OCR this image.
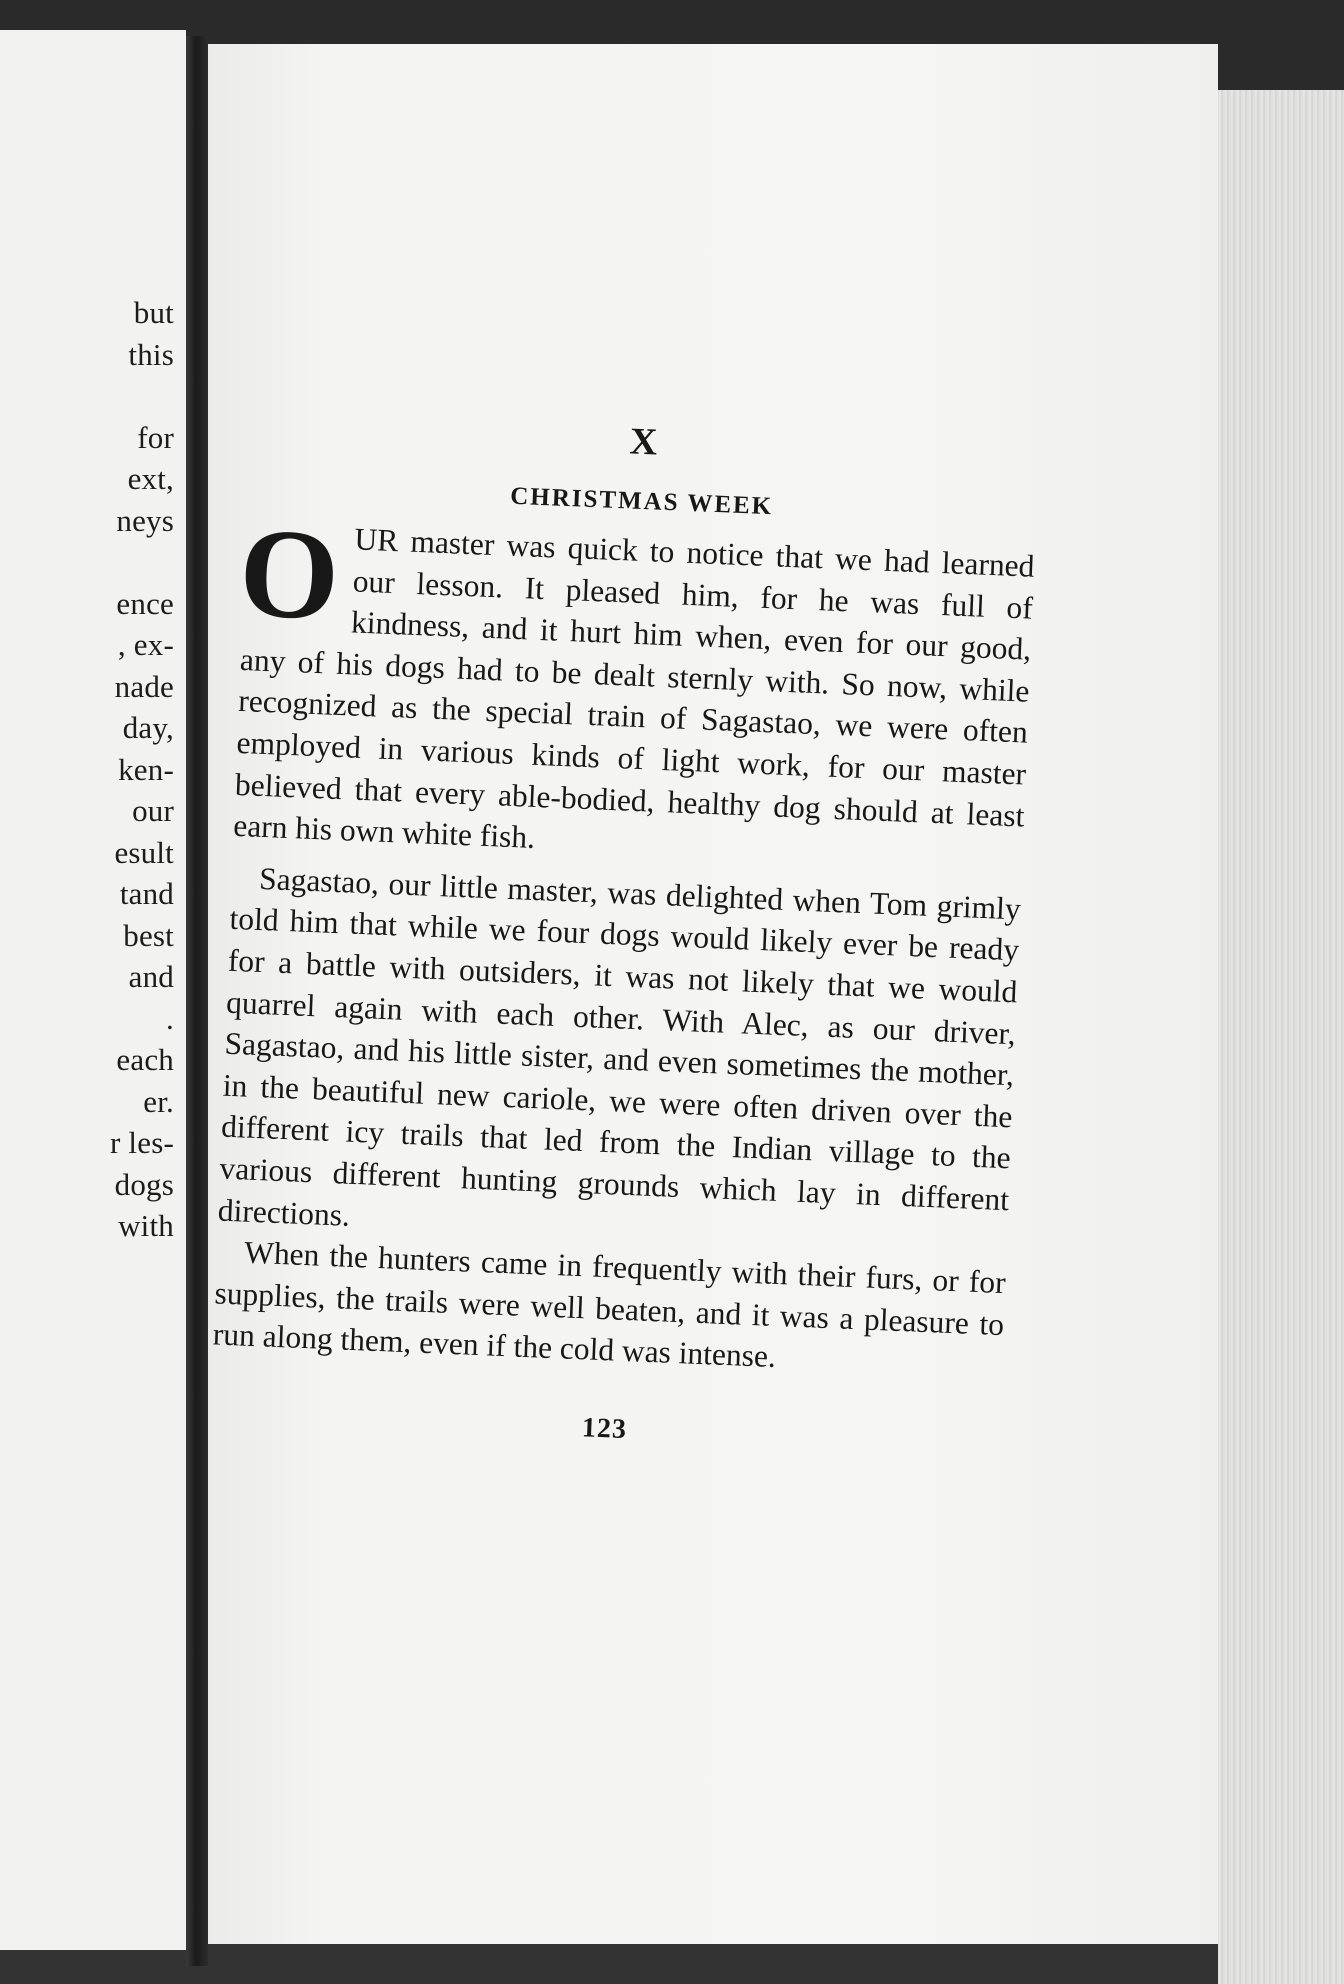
but
this
for
ext,
neys
ence
, ex-
nade
day,
ken-
our
esult
tand
best
and
.
each
er.
r les-
dogs
with
X
CHRISTMAS WEEK

OUR master was quick to notice that we had learned our lesson. It pleased him, for he was full of kindness, and it hurt him when, even for our good, any of his dogs had to be dealt sternly with. So now, while recognized as the special train of Sagastao, we were often employed in various kinds of light work, for our master believed that every able-bodied, healthy dog should at least earn his own white fish.

Sagastao, our little master, was delighted when Tom grimly told him that while we four dogs would likely ever be ready for a battle with outsiders, it was not likely that we would quarrel again with each other. With Alec, as our driver, Sagastao, and his little sister, and even sometimes the mother, in the beautiful new cariole, we were often driven over the different icy trails that led from the Indian village to the various different hunting grounds which lay in different directions.

When the hunters came in frequently with their furs, or for supplies, the trails were well beaten, and it was a pleasure to run along them, even if the cold was intense.

123
